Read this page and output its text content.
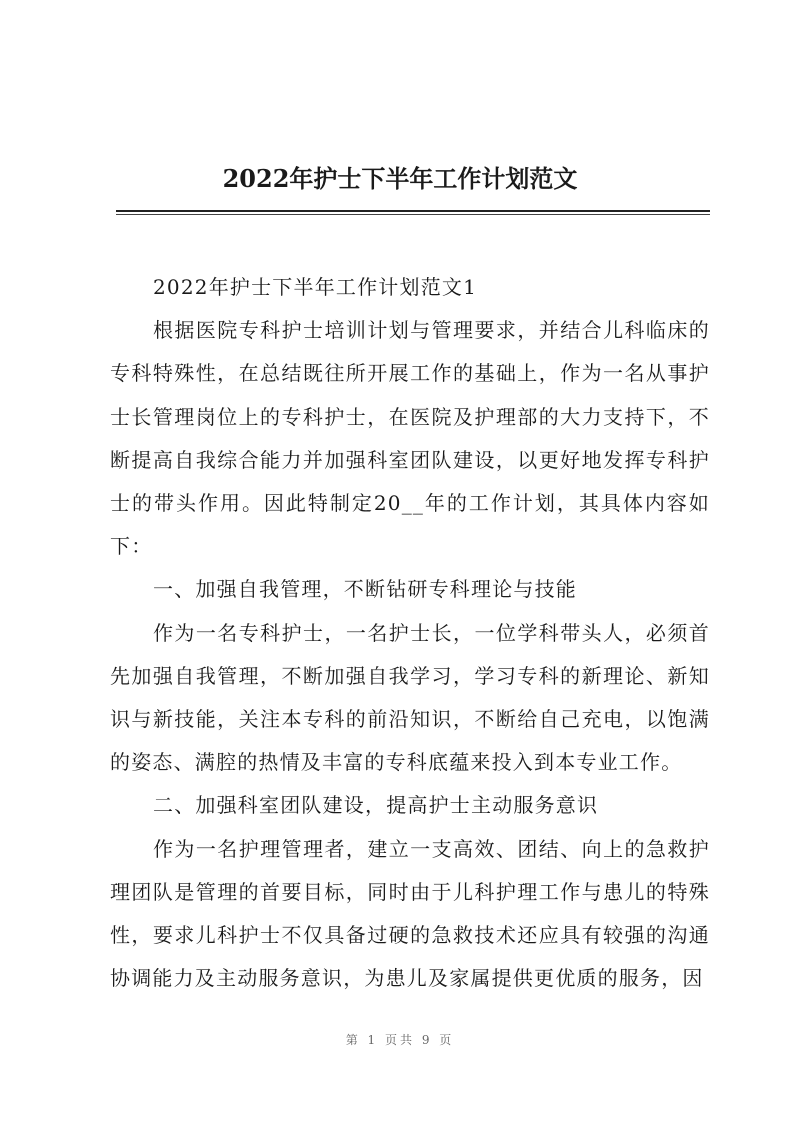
2022年护士下半年工作计划范文

2022年护士下半年工作计划范文1

根据医院专科护士培训计划与管理要求，并结合儿科临床的专科特殊性，在总结既往所开展工作的基础上，作为一名从事护士长管理岗位上的专科护士，在医院及护理部的大力支持下，不断提高自我综合能力并加强科室团队建设，以更好地发挥专科护士的带头作用。因此特制定20__年的工作计划，其具体内容如下：

一、加强自我管理，不断钻研专科理论与技能

作为一名专科护士，一名护士长，一位学科带头人，必须首先加强自我管理，不断加强自我学习，学习专科的新理论、新知识与新技能，关注本专科的前沿知识，不断给自己充电，以饱满的姿态、满腔的热情及丰富的专科底蕴来投入到本专业工作。

二、加强科室团队建设，提高护士主动服务意识

作为一名护理管理者，建立一支高效、团结、向上的急救护理团队是管理的首要目标，同时由于儿科护理工作与患儿的特殊性，要求儿科护士不仅具备过硬的急救技术还应具有较强的沟通协调能力及主动服务意识，为患儿及家属提供更优质的服务，因

第 1 页共 9 页
